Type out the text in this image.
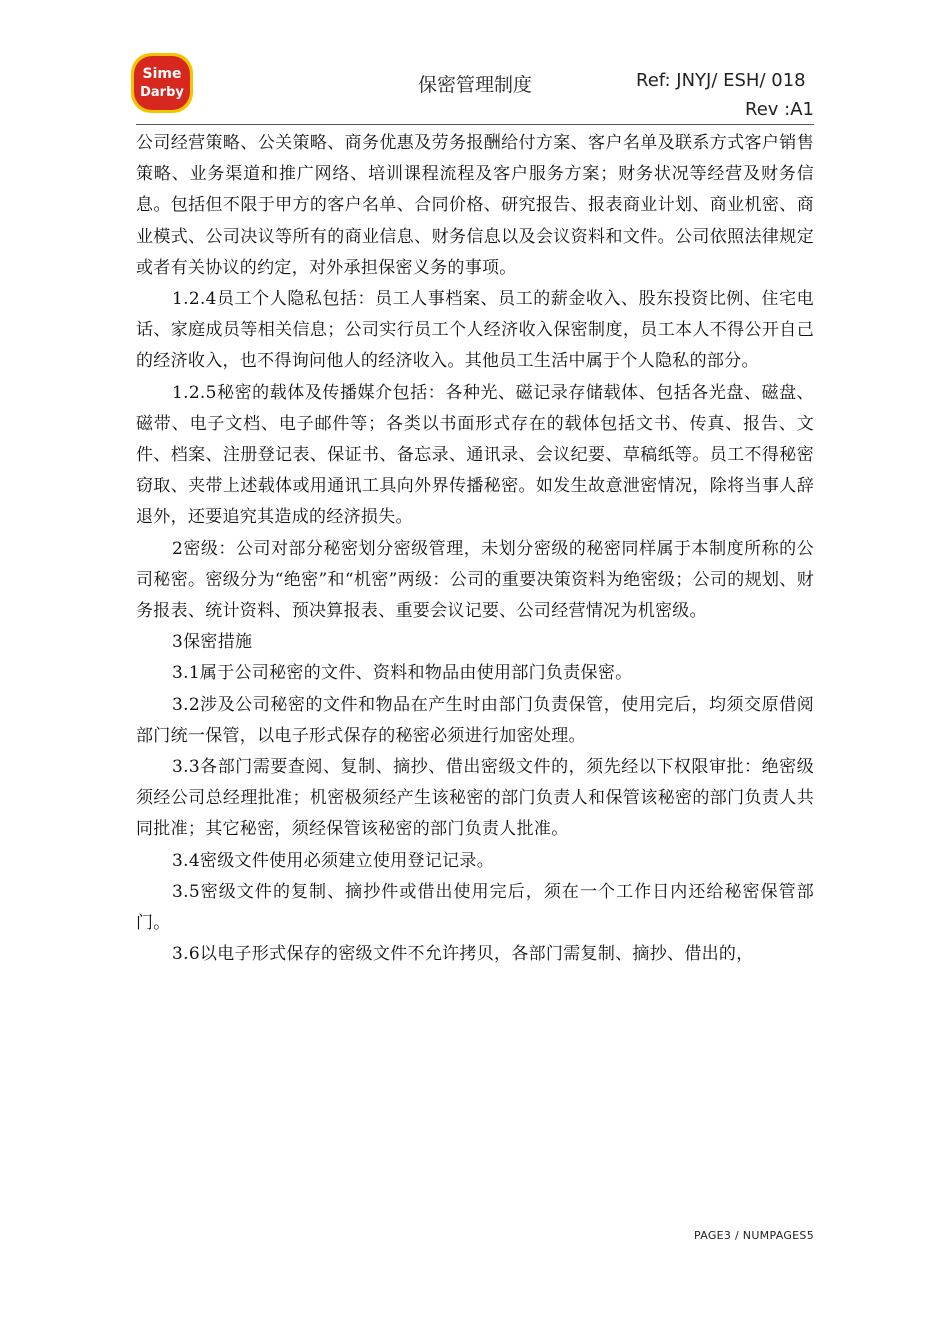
Sime
Darby	保密管理制度	Ref: JNYJ/ ESH/ 018
Rev :A1

公司经营策略、公关策略、商务优惠及劳务报酬给付方案、客户名单及联系方式客户销售策略、业务渠道和推广网络、培训课程流程及客户服务方案；财务状况等经营及财务信息。包括但不限于甲方的客户名单、合同价格、研究报告、报表商业计划、商业机密、商业模式、公司决议等所有的商业信息、财务信息以及会议资料和文件。公司依照法律规定或者有关协议的约定，对外承担保密义务的事项。

1.2.4员工个人隐私包括：员工人事档案、员工的薪金收入、股东投资比例、住宅电话、家庭成员等相关信息；公司实行员工个人经济收入保密制度，员工本人不得公开自己的经济收入，也不得询问他人的经济收入。其他员工生活中属于个人隐私的部分。

1.2.5秘密的载体及传播媒介包括：各种光、磁记录存储载体、包括各光盘、磁盘、磁带、电子文档、电子邮件等；各类以书面形式存在的载体包括文书、传真、报告、文件、档案、注册登记表、保证书、备忘录、通讯录、会议纪要、草稿纸等。员工不得秘密窃取、夹带上述载体或用通讯工具向外界传播秘密。如发生故意泄密情况，除将当事人辞退外，还要追究其造成的经济损失。

2密级：公司对部分秘密划分密级管理，未划分密级的秘密同样属于本制度所称的公司秘密。密级分为“绝密”和“机密”两级：公司的重要决策资料为绝密级；公司的规划、财务报表、统计资料、预决算报表、重要会议记要、公司经营情况为机密级。

3保密措施

3.1属于公司秘密的文件、资料和物品由使用部门负责保密。

3.2涉及公司秘密的文件和物品在产生时由部门负责保管，使用完后，均须交原借阅部门统一保管，以电子形式保存的秘密必须进行加密处理。

3.3各部门需要查阅、复制、摘抄、借出密级文件的，须先经以下权限审批：绝密级须经公司总经理批准；机密极须经产生该秘密的部门负责人和保管该秘密的部门负责人共同批准；其它秘密，须经保管该秘密的部门负责人批准。

3.4密级文件使用必须建立使用登记记录。

3.5密级文件的复制、摘抄件或借出使用完后，须在一个工作日内还给秘密保管部门。

3.6以电子形式保存的密级文件不允许拷贝，各部门需复制、摘抄、借出的，

PAGE3 / NUMPAGES5
